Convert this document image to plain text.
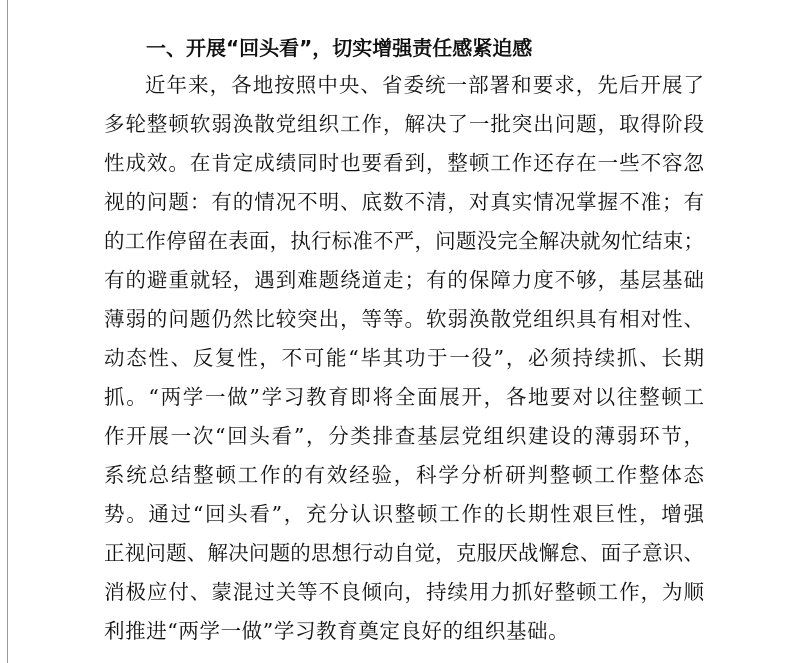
一、开展“回头看”，切实增强责任感紧迫感
近年来，各地按照中央、省委统一部署和要求，先后开展了
多轮整顿软弱涣散党组织工作，解决了一批突出问题，取得阶段
性成效。在肯定成绩同时也要看到，整顿工作还存在一些不容忽
视的问题：有的情况不明、底数不清，对真实情况掌握不准；有
的工作停留在表面，执行标准不严，问题没完全解决就匆忙结束；
有的避重就轻，遇到难题绕道走；有的保障力度不够，基层基础
薄弱的问题仍然比较突出，等等。软弱涣散党组织具有相对性、
动态性、反复性，不可能“毕其功于一役”，必须持续抓、长期
抓。“两学一做”学习教育即将全面展开，各地要对以往整顿工
作开展一次“回头看”，分类排查基层党组织建设的薄弱环节，
系统总结整顿工作的有效经验，科学分析研判整顿工作整体态
势。通过“回头看”，充分认识整顿工作的长期性艰巨性，增强
正视问题、解决问题的思想行动自觉，克服厌战懈怠、面子意识、
消极应付、蒙混过关等不良倾向，持续用力抓好整顿工作，为顺
利推进“两学一做”学习教育奠定良好的组织基础。
